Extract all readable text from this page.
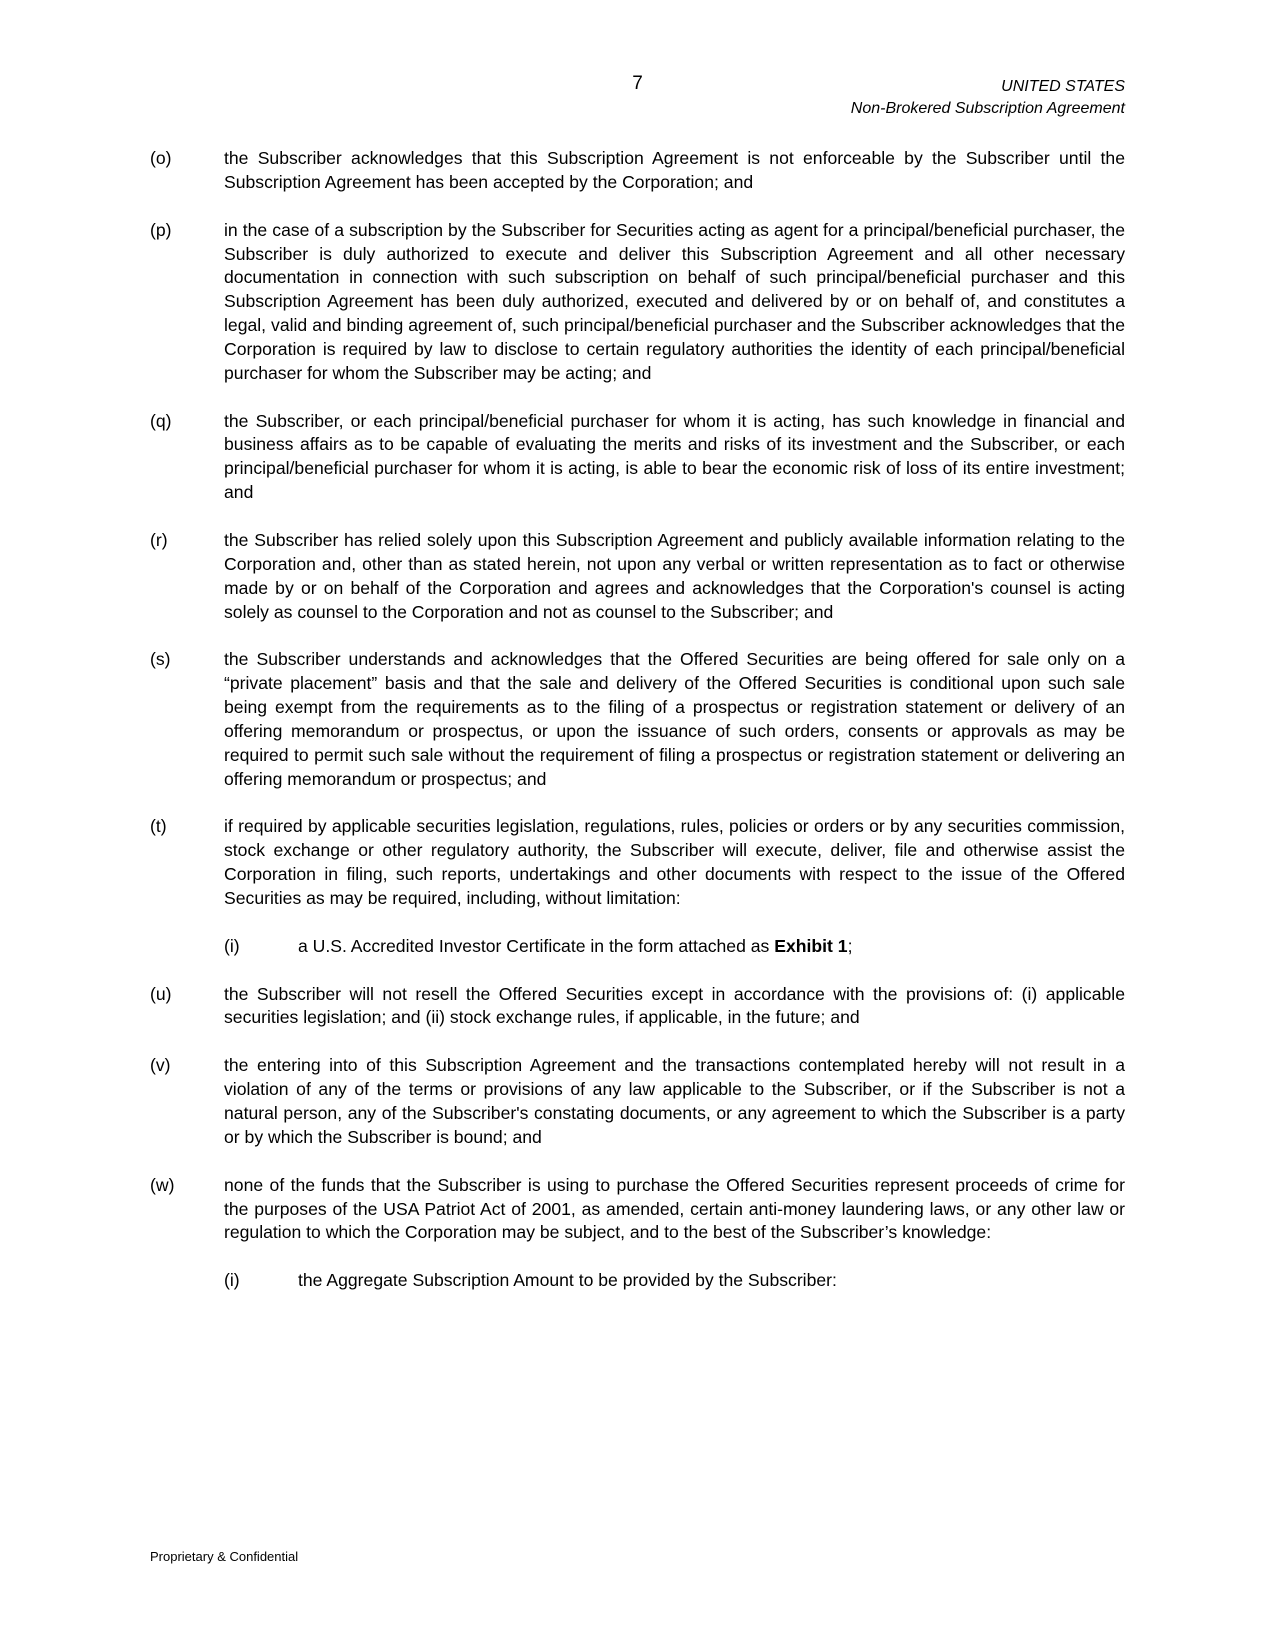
7	UNITED STATES
Non-Brokered Subscription Agreement
(o)	the Subscriber acknowledges that this Subscription Agreement is not enforceable by the Subscriber until the Subscription Agreement has been accepted by the Corporation; and
(p)	in the case of a subscription by the Subscriber for Securities acting as agent for a principal/beneficial purchaser, the Subscriber is duly authorized to execute and deliver this Subscription Agreement and all other necessary documentation in connection with such subscription on behalf of such principal/beneficial purchaser and this Subscription Agreement has been duly authorized, executed and delivered by or on behalf of, and constitutes a legal, valid and binding agreement of, such principal/beneficial purchaser and the Subscriber acknowledges that the Corporation is required by law to disclose to certain regulatory authorities the identity of each principal/beneficial purchaser for whom the Subscriber may be acting; and
(q)	the Subscriber, or each principal/beneficial purchaser for whom it is acting, has such knowledge in financial and business affairs as to be capable of evaluating the merits and risks of its investment and the Subscriber, or each principal/beneficial purchaser for whom it is acting, is able to bear the economic risk of loss of its entire investment; and
(r)	the Subscriber has relied solely upon this Subscription Agreement and publicly available information relating to the Corporation and, other than as stated herein, not upon any verbal or written representation as to fact or otherwise made by or on behalf of the Corporation and agrees and acknowledges that the Corporation's counsel is acting solely as counsel to the Corporation and not as counsel to the Subscriber; and
(s)	the Subscriber understands and acknowledges that the Offered Securities are being offered for sale only on a “private placement” basis and that the sale and delivery of the Offered Securities is conditional upon such sale being exempt from the requirements as to the filing of a prospectus or registration statement or delivery of an offering memorandum or prospectus, or upon the issuance of such orders, consents or approvals as may be required to permit such sale without the requirement of filing a prospectus or registration statement or delivering an offering memorandum or prospectus; and
(t)	if required by applicable securities legislation, regulations, rules, policies or orders or by any securities commission, stock exchange or other regulatory authority, the Subscriber will execute, deliver, file and otherwise assist the Corporation in filing, such reports, undertakings and other documents with respect to the issue of the Offered Securities as may be required, including, without limitation:
(i)	a U.S. Accredited Investor Certificate in the form attached as Exhibit 1;
(u)	the Subscriber will not resell the Offered Securities except in accordance with the provisions of: (i) applicable securities legislation; and (ii) stock exchange rules, if applicable, in the future; and
(v)	the entering into of this Subscription Agreement and the transactions contemplated hereby will not result in a violation of any of the terms or provisions of any law applicable to the Subscriber, or if the Subscriber is not a natural person, any of the Subscriber's constating documents, or any agreement to which the Subscriber is a party or by which the Subscriber is bound; and
(w)	none of the funds that the Subscriber is using to purchase the Offered Securities represent proceeds of crime for the purposes of the USA Patriot Act of 2001, as amended, certain anti-money laundering laws, or any other law or regulation to which the Corporation may be subject, and to the best of the Subscriber’s knowledge:
(i)	the Aggregate Subscription Amount to be provided by the Subscriber:
Proprietary & Confidential
